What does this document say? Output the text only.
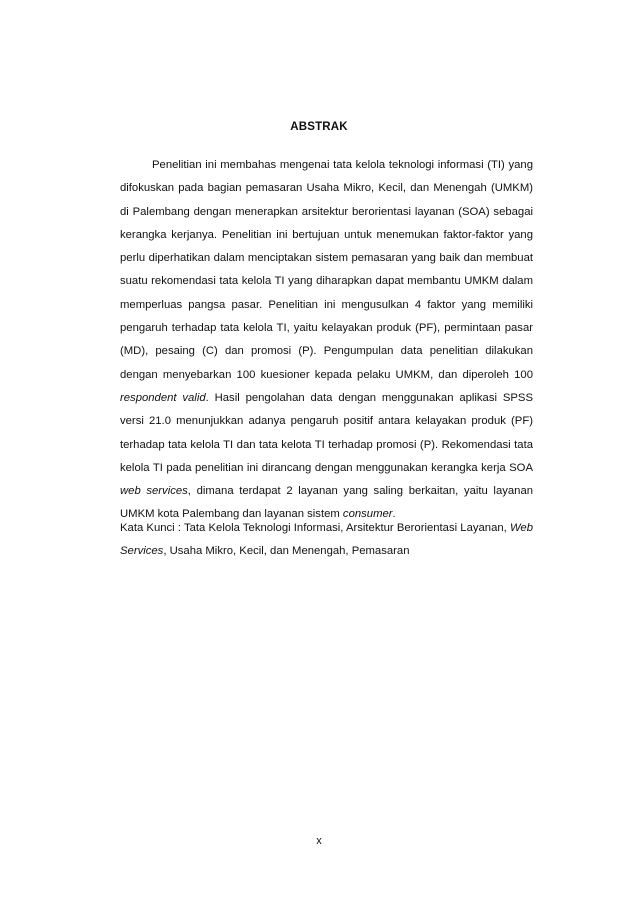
ABSTRAK

Penelitian ini membahas mengenai tata kelola teknologi informasi (TI) yang difokuskan pada bagian pemasaran Usaha Mikro, Kecil, dan Menengah (UMKM) di Palembang dengan menerapkan arsitektur berorientasi layanan (SOA) sebagai kerangka kerjanya. Penelitian ini bertujuan untuk menemukan faktor-faktor yang perlu diperhatikan dalam menciptakan sistem pemasaran yang baik dan membuat suatu rekomendasi tata kelola TI yang diharapkan dapat membantu UMKM dalam memperluas pangsa pasar. Penelitian ini mengusulkan 4 faktor yang memiliki pengaruh terhadap tata kelola TI, yaitu kelayakan produk (PF), permintaan pasar (MD), pesaing (C) dan promosi (P). Pengumpulan data penelitian dilakukan dengan menyebarkan 100 kuesioner kepada pelaku UMKM, dan diperoleh 100 respondent valid. Hasil pengolahan data dengan menggunakan aplikasi SPSS versi 21.0 menunjukkan adanya pengaruh positif antara kelayakan produk (PF) terhadap tata kelola TI dan tata kelota TI terhadap promosi (P). Rekomendasi tata kelola TI pada penelitian ini dirancang dengan menggunakan kerangka kerja SOA web services, dimana terdapat 2 layanan yang saling berkaitan, yaitu layanan UMKM kota Palembang dan layanan sistem consumer.

Kata Kunci : Tata Kelola Teknologi Informasi, Arsitektur Berorientasi Layanan, Web Services, Usaha Mikro, Kecil, dan Menengah, Pemasaran

x
